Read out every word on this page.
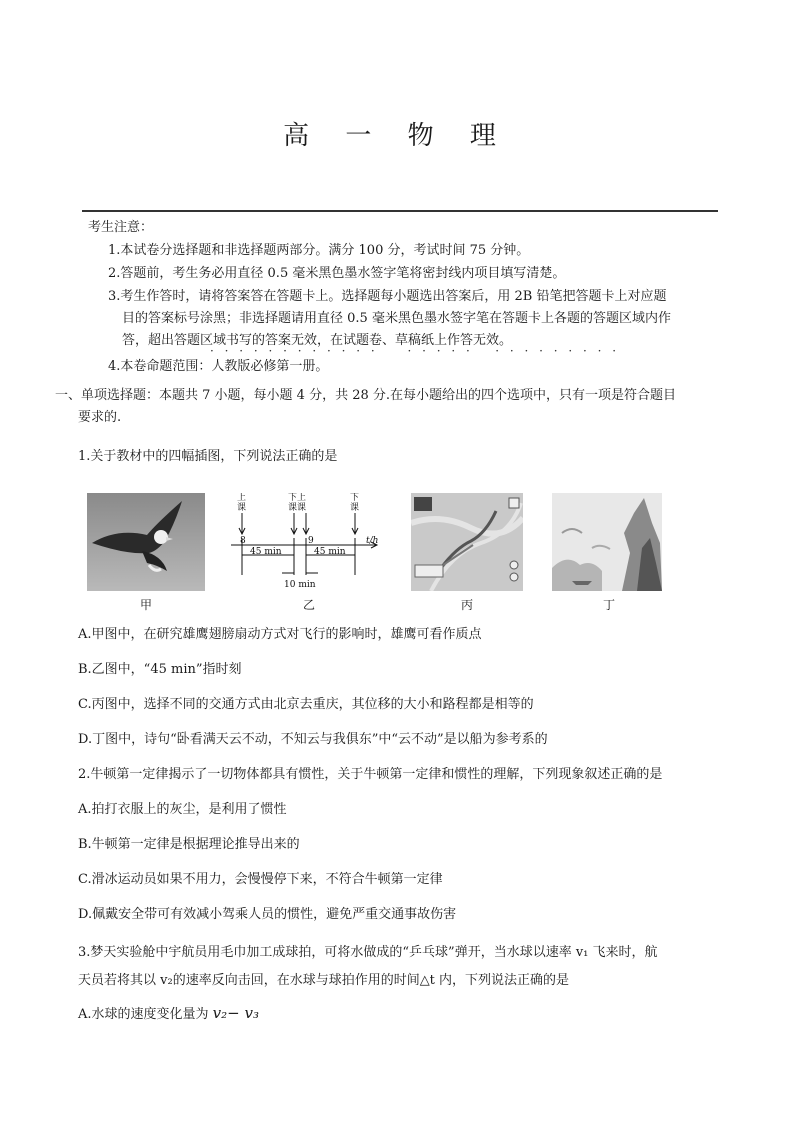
高 一 物 理
考生注意：
1.本试卷分选择题和非选择题两部分。满分 100 分，考试时间 75 分钟。
2.答题前，考生务必用直径 0.5 毫米黑色墨水签字笔将密封线内项目填写清楚。
3.考生作答时，请将答案答在答题卡上。选择题每小题选出答案后，用 2B 铅笔把答题卡上对应题
目的答案标号涂黑；非选择题请用直径 0.5 毫米黑色墨水签字笔在答题卡上各题的答题区域内作
答，超出答题区域书写的答案无效，在试题卷、草稿纸上作答无效。
· · · · · · · · · · · ·    · · · · ·   · · · · · · · · ·
4.本卷命题范围：人教版必修第一册。
一、单项选择题：本题共 7 小题，每小题 4 分，共 28 分.在每小题给出的四个选项中，只有一项是符合题目
要求的.
1.关于教材中的四幅插图，下列说法正确的是
甲
上
课
下上
课课
下
课
8	9	t/h
45 min	45 min
10 min
乙	丙	丁
A.甲图中，在研究雄鹰翅膀扇动方式对飞行的影响时，雄鹰可看作质点
B.乙图中，“45 min”指时刻
C.丙图中，选择不同的交通方式由北京去重庆，其位移的大小和路程都是相等的
D.丁图中，诗句“卧看满天云不动，不知云与我俱东”中“云不动”是以船为参考系的
2.牛顿第一定律揭示了一切物体都具有惯性，关于牛顿第一定律和惯性的理解，下列现象叙述正确的是
A.拍打衣服上的灰尘，是利用了惯性
B.牛顿第一定律是根据理论推导出来的
C.滑冰运动员如果不用力，会慢慢停下来，不符合牛顿第一定律
D.佩戴安全带可有效减小驾乘人员的惯性，避免严重交通事故伤害
3.梦天实验舱中宇航员用毛巾加工成球拍，可将水做成的“乒乓球”弹开，当水球以速率 v₁ 飞来时，航
天员若将其以 v₂的速率反向击回，在水球与球拍作用的时间△t 内，下列说法正确的是
A.水球的速度变化量为 v₂− v₃
